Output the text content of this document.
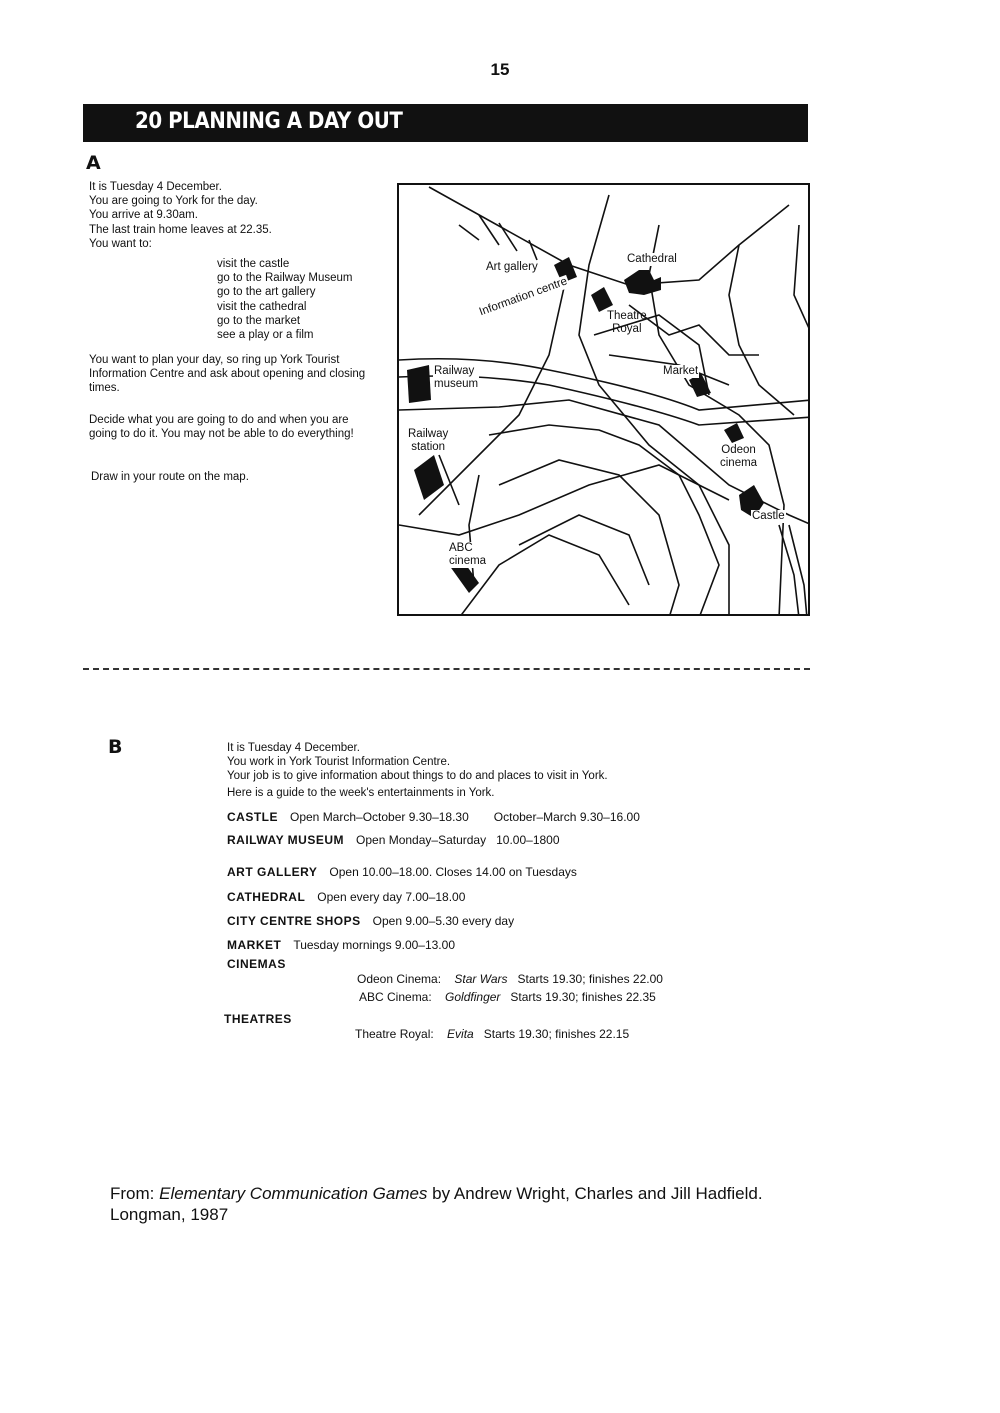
15
20 PLANNING A DAY OUT
A
It is Tuesday 4 December.
You are going to York for the day.
You arrive at 9.30am.
The last train home leaves at 22.35.
You want to:
visit the castle
go to the Railway Museum
go to the art gallery
visit the cathedral
go to the market
see a play or a film
You want to plan your day, so ring up York Tourist Information Centre and ask about opening and closing times.
Decide what you are going to do and when you are going to do it. You may not be able to do everything!
Draw in your route on the map.
Art gallery
Cathedral
Information centre	Theatre
Royal
Railway
museum
Market
Railway
station	Odeon
cinema
Castle
ABC
cinema
B	It is Tuesday 4 December.
You work in York Tourist Information Centre.
Your job is to give information about things to do and places to visit in York.
Here is a guide to the week's entertainments in York.
CASTLE Open March–October 9.30–18.30 October–March 9.30–16.00
RAILWAY MUSEUM Open Monday–Saturday 10.00–1800
ART GALLERY Open 10.00–18.00. Closes 14.00 on Tuesdays
CATHEDRAL Open every day 7.00–18.00
CITY CENTRE SHOPS Open 9.00–5.30 every day
MARKET Tuesday mornings 9.00–13.00
CINEMAS
Odeon Cinema: Star Wars Starts 19.30; finishes 22.00
ABC Cinema: Goldfinger Starts 19.30; finishes 22.35
THEATRES
Theatre Royal: Evita Starts 19.30; finishes 22.15
From: Elementary Communication Games by Andrew Wright, Charles and Jill Hadfield.
Longman, 1987
